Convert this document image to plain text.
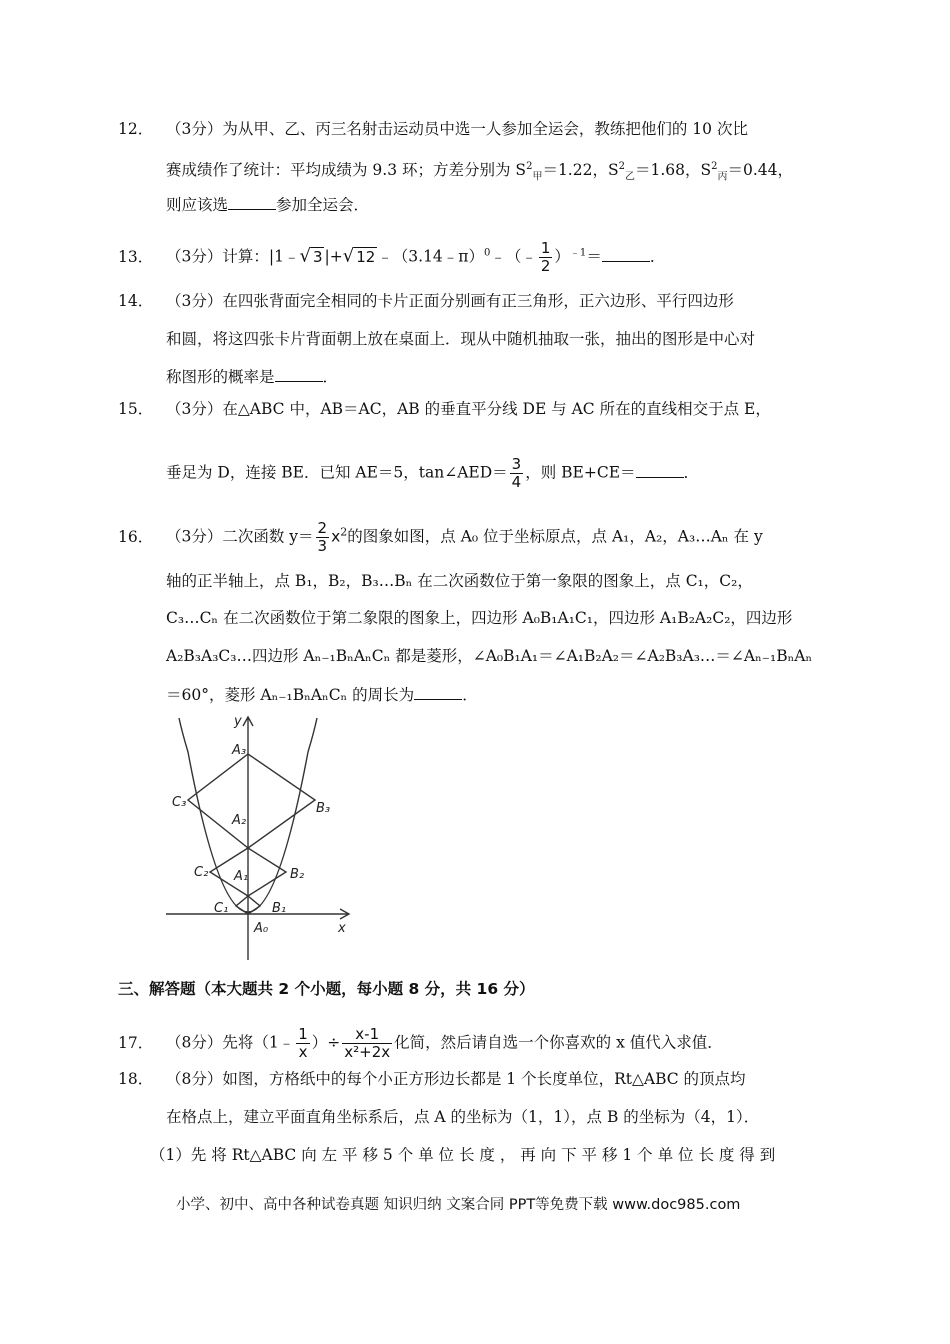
12． （3分）为从甲、乙、丙三名射击运动员中选一人参加全运会，教练把他们的 10 次比
赛成绩作了统计：平均成绩为 9.3 环；方差分别为 $S^2_甲=1.22$，$S^2_乙=1.68$，$S^2_丙=0.44$，
则应该选	参加全运会．
13． （3分）计算：|1﹣√ 3 |+√ 12 ﹣（3.14﹣π）$^0$﹣（﹣ $\frac{1}{2} )^{﹣1}=$	．
14． （3分）在四张背面完全相同的卡片正面分别画有正三角形，正六边形、平行四边形
和圆，将这四张卡片背面朝上放在桌面上．现从中随机抽取一张，抽出的图形是中心对
称图形的概率是	．
15． （3分）在△ABC 中，AB＝AC，AB 的垂直平分线 DE 与 AC 所在的直线相交于点 E，
垂足为 D，连接 BE．已知 AE＝5，tan∠AED＝ $\frac{3}{4}$ ，则 BE+CE＝	．
16． （3分）二次函数 $y= \frac{2}{3} x^2$的图象如图，点 A₀ 位于坐标原点，点 A₁，A₂，A₃…Aₙ 在 y
轴的正半轴上，点 B₁，B₂，B₃…Bₙ 在二次函数位于第一象限的图象上，点 C₁，C₂，
C₃…Cₙ 在二次函数位于第二象限的图象上，四边形 A₀B₁A₁C₁，四边形 A₁B₂A₂C₂，四边形
A₂B₃A₃C₃…四边形 Aₙ₋₁BₙAₙCₙ 都是菱形，∠A₀B₁A₁＝∠A₁B₂A₂＝∠A₂B₃A₃…＝∠Aₙ₋₁BₙAₙ
＝60°，菱形 Aₙ₋₁BₙAₙCₙ 的周长为	．
y
x
A₀
A₁
A₂
A₃
B₁
B₂
B₃
C₁
C₂
C₃
三、解答题（本大题共 2 个小题，每小题 8 分，共 16 分）
17． （8分）先将（1﹣ $\frac{1}{x}$ ）÷ $\frac{x-1}{\text{x²+2x}}$ 化简，然后请自选一个你喜欢的 x 值代入求值．
18． （8分）如图，方格纸中的每个小正方形边长都是 1 个长度单位，Rt△ABC 的顶点均
在格点上，建立平面直角坐标系后，点 A 的坐标为（1，1），点 B 的坐标为（4，1）．
（1）先 将 Rt△ABC 向 左 平 移 5 个 单 位 长 度 ， 再 向 下 平 移 1 个 单 位 长 度 得 到
小学、初中、高中各种试卷真题 知识归纳 文案合同 PPT等免费下载 www.doc985.com
